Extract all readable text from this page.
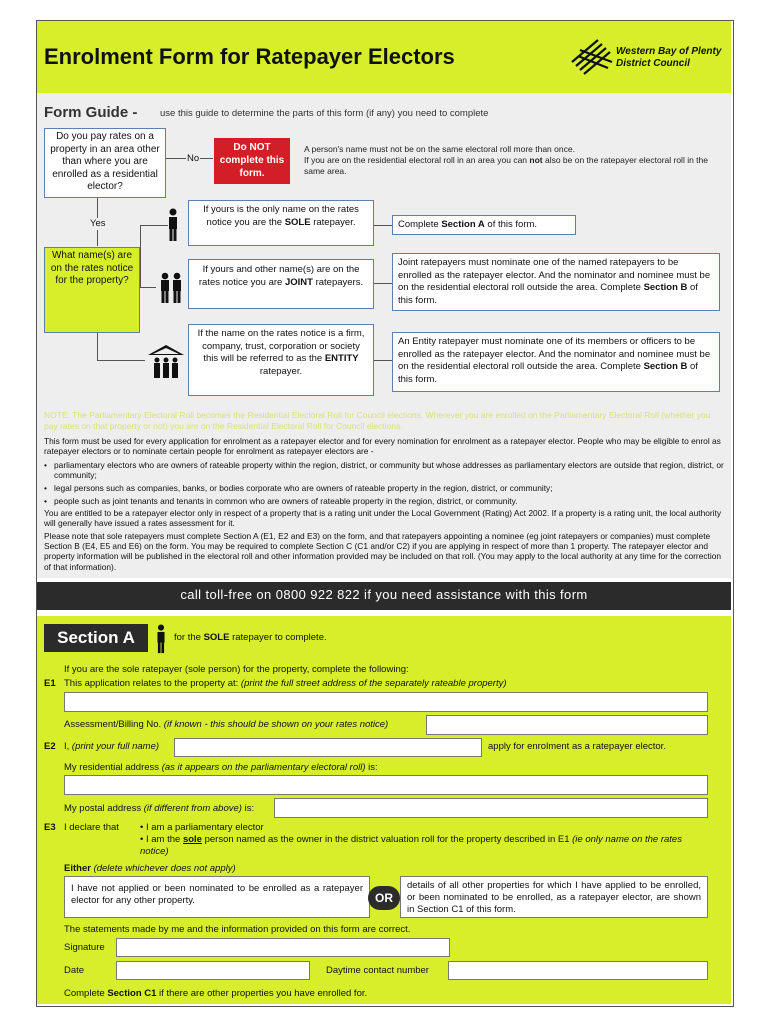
Enrolment Form for Ratepayer Electors	Western Bay of Plenty
District Council
Form Guide - use this guide to determine the parts of this form (if any) you need to complete
Do you pay rates on a property in an area other than where you are enrolled as a residential elector?
No
Yes
Do NOT complete this form.
A person's name must not be on the same electoral roll more than once.
If you are on the residential electoral roll in an area you can not also be on the ratepayer electoral roll in the same area.
What name(s) are on the rates notice for the property?
If yours is the only name on the rates notice you are the SOLE ratepayer.	Complete Section A of this form.
If yours and other name(s) are on the rates notice you are JOINT ratepayers.
Joint ratepayers must nominate one of the named ratepayers to be enrolled as the ratepayer elector. And the nominator and nominee must be on the residential electoral roll outside the area. Complete Section B of this form.
If the name on the rates notice is a firm, company, trust, corporation or society this will be referred to as the ENTITY ratepayer.
An Entity ratepayer must nominate one of its members or officers to be enrolled as the ratepayer elector. And the nominator and nominee must be on the residential electoral roll outside the area. Complete Section B of this form.
NOTE: The Parliamentary Electoral Roll becomes the Residential Electoral Roll for Council elections. Wherever you are enrolled on the Parliamentary Electoral Roll (whether you pay rates on that property or not) you are on the Residential Electoral Roll for Council elections.
This form must be used for every application for enrolment as a ratepayer elector and for every nomination for enrolment as a ratepayer elector. People who may be eligible to enrol as ratepayer electors or to nominate certain people for enrolment as ratepayer electors are -
• parliamentary electors who are owners of rateable property within the region, district, or community but whose addresses as parliamentary electors are outside that region, district, or community;
• legal persons such as companies, banks, or bodies corporate who are owners of rateable property in the region, district, or community;
• people such as joint tenants and tenants in common who are owners of rateable property in the region, district, or community.
You are entitled to be a ratepayer elector only in respect of a property that is a rating unit under the Local Government (Rating) Act 2002. If a property is a rating unit, the local authority will generally have issued a rates assessment for it.
Please note that sole ratepayers must complete Section A (E1, E2 and E3) on the form, and that ratepayers appointing a nominee (eg joint ratepayers or companies) must complete Section B (E4, E5 and E6) on the form. You may be required to complete Section C (C1 and/or C2) if you are applying in respect of more than 1 property. The ratepayer elector and property information will be published in the electoral roll and other information provided may be included on that roll. (You may apply to the local authority at any time for the correction of that information).
call toll-free on 0800 922 822 if you need assistance with this form
Section A	for the SOLE ratepayer to complete.
If you are the sole ratepayer (sole person) for the property, complete the following:
E1 This application relates to the property at: (print the full street address of the separately rateable property)
Assessment/Billing No. (if known - this should be shown on your rates notice)
E2 I, (print your full name)	apply for enrolment as a ratepayer elector.
My residential address (as it appears on the parliamentary electoral roll) is:
My postal address (if different from above) is:
E3 I declare that • I am a parliamentary elector
• I am the sole person named as the owner in the district valuation roll for the property described in E1 (ie only name on the rates notice)
Either (delete whichever does not apply)
I have not applied or been nominated to be enrolled as a ratepayer elector for any other property.	OR
details of all other properties for which I have applied to be enrolled, or been nominated to be enrolled, as a ratepayer elector, are shown in Section C1 of this form.
The statements made by me and the information provided on this form are correct.
Signature
Date	Daytime contact number
Complete Section C1 if there are other properties you have enrolled for.
